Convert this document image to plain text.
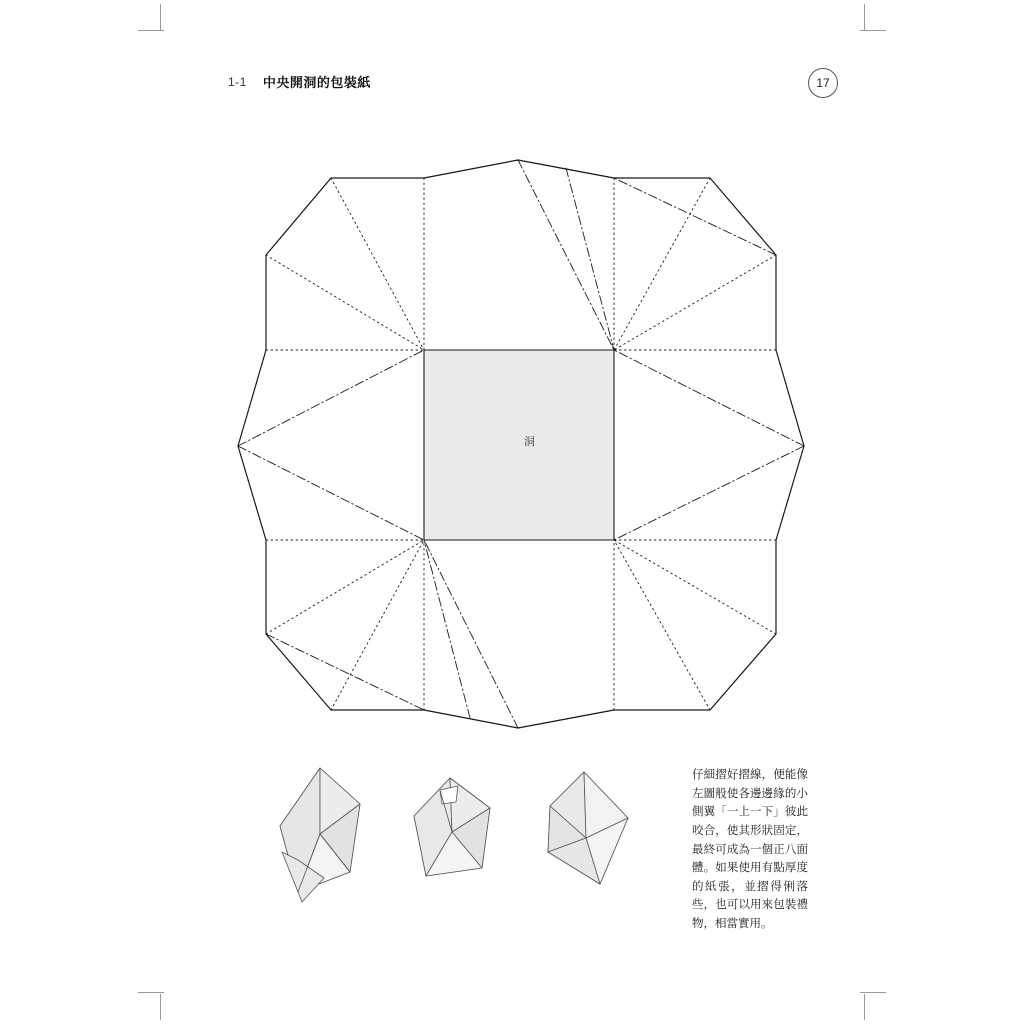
1-1 中央開洞的包裝紙	17
洞
仔細摺好摺線，便能像左圖般使各邊邊緣的小側翼「一上一下」彼此咬合，使其形狀固定，最終可成為一個正八面體。如果使用有點厚度的紙張，並摺得俐落些，也可以用來包裝禮物，相當實用。
